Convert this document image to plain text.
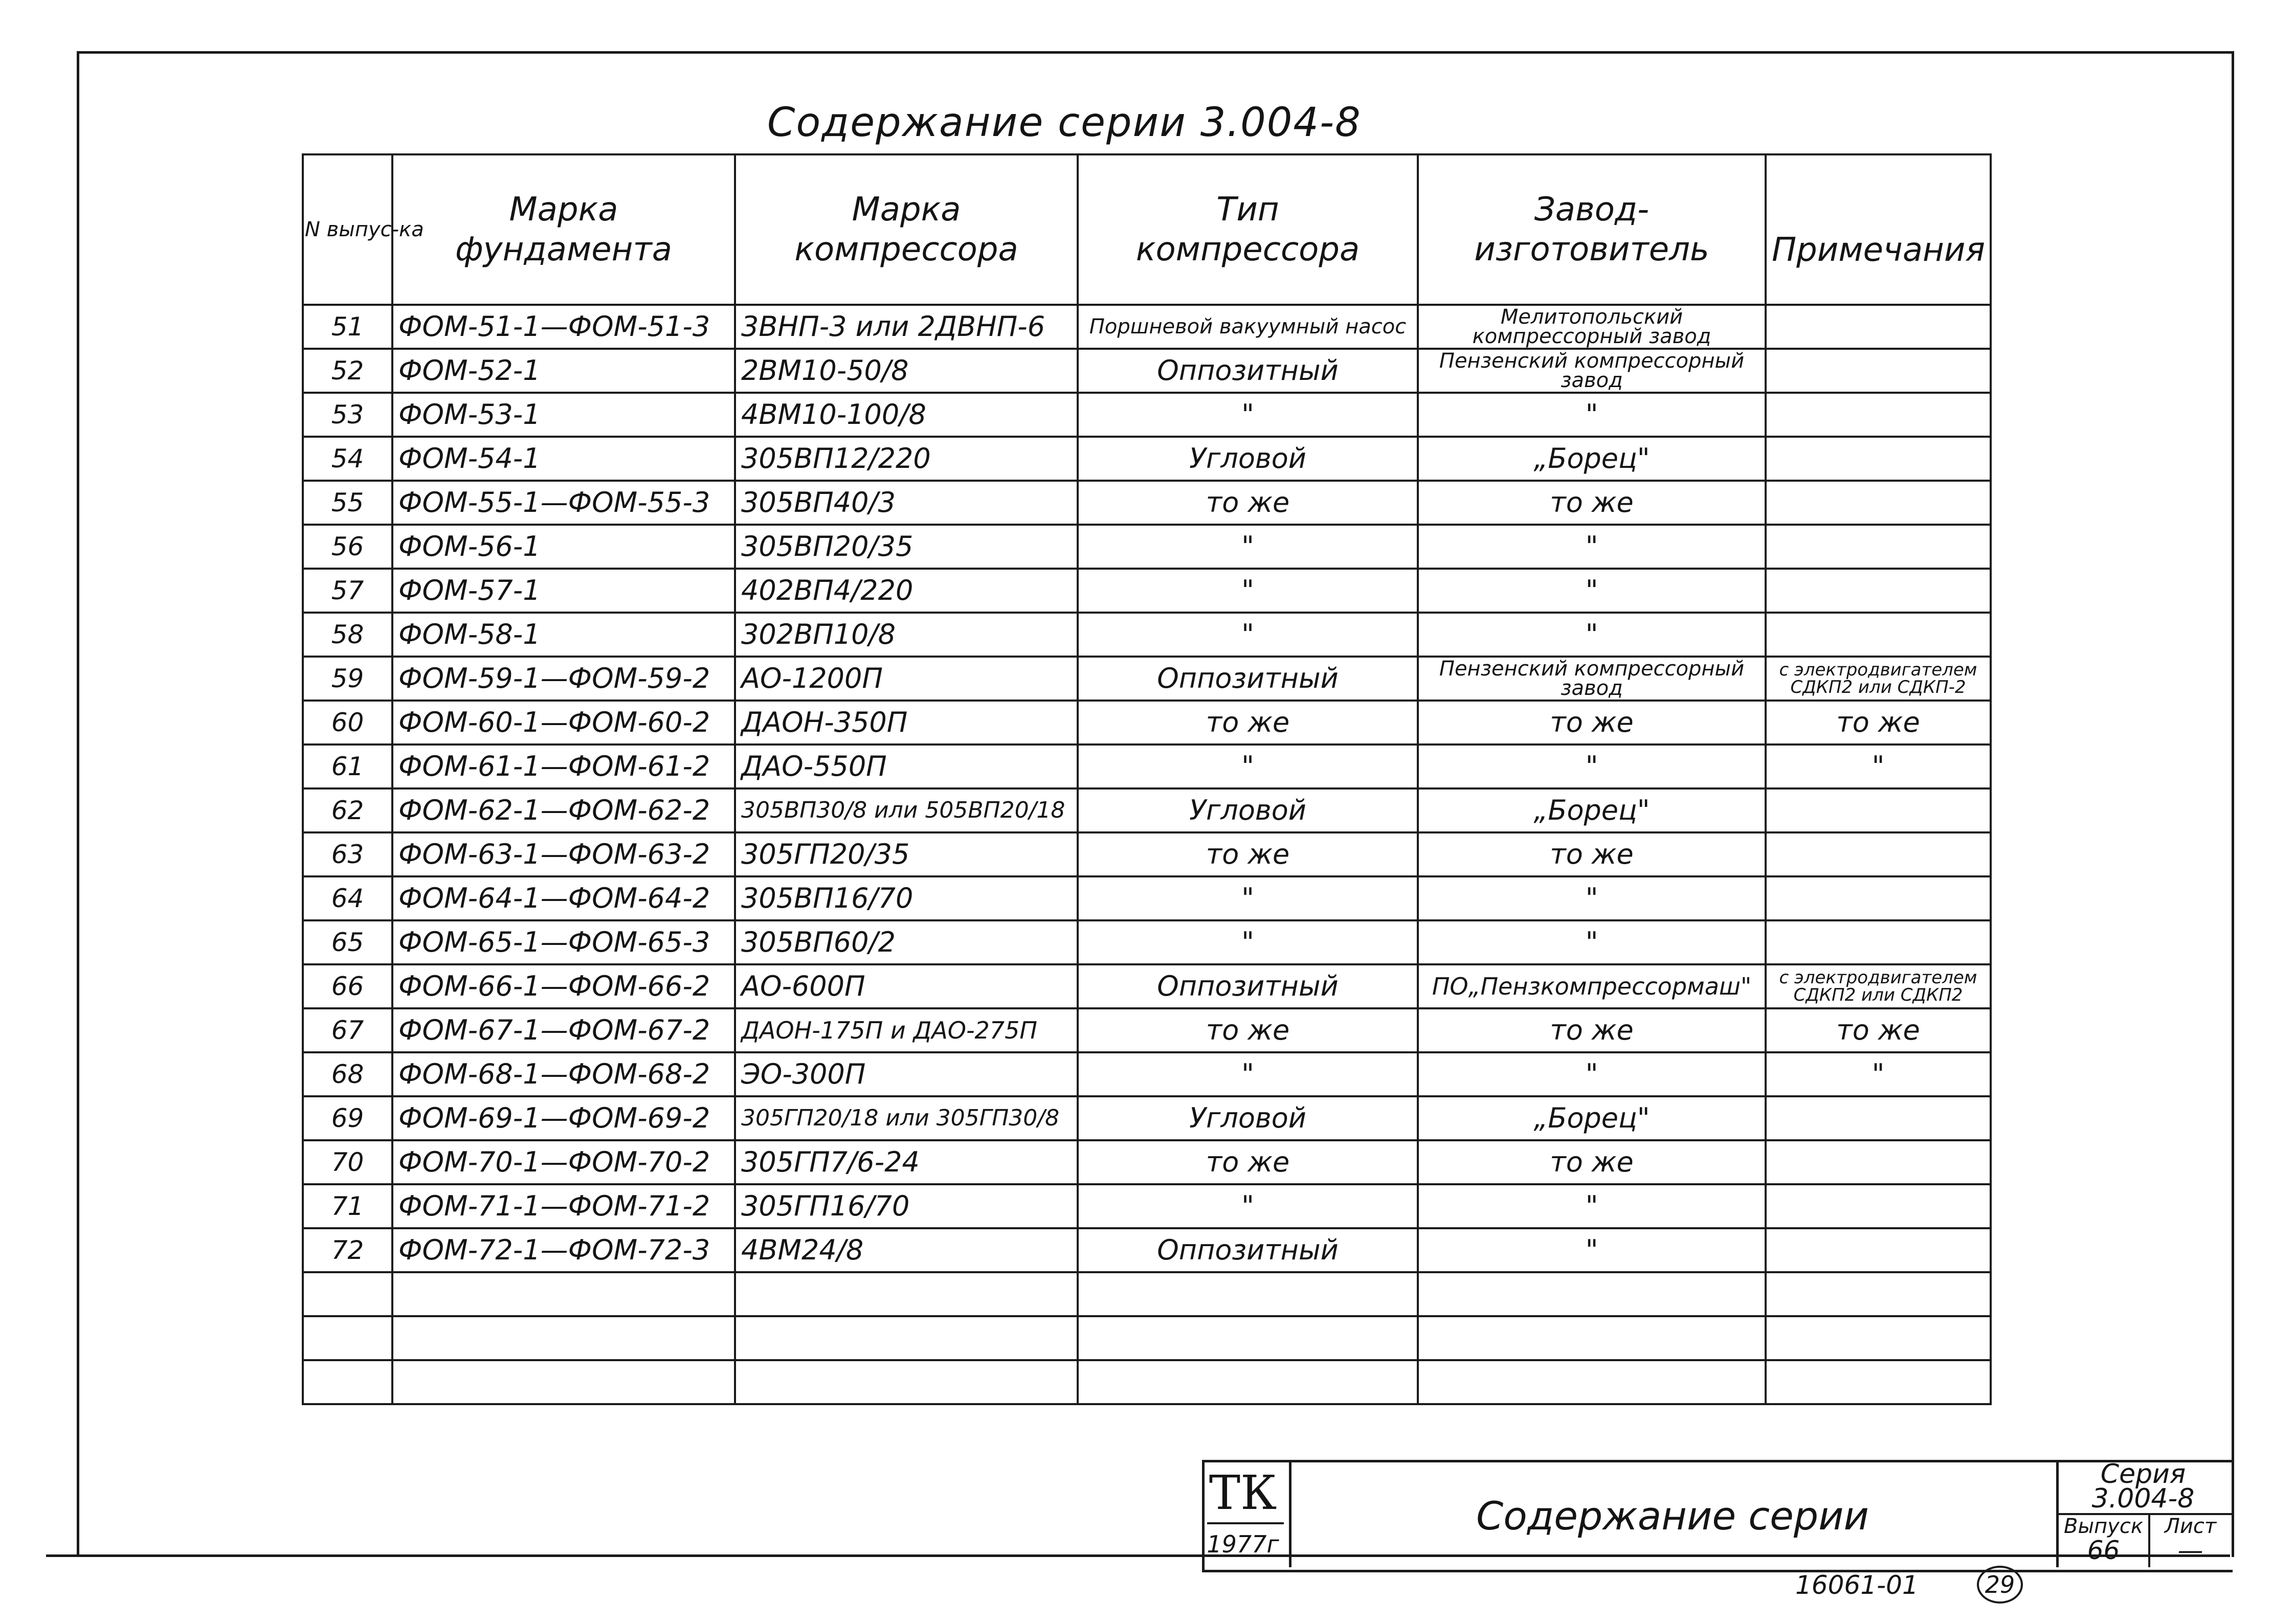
Содержание серии 3.004-8
N выпус-ка	Марка
фундамента	Марка
компрессора	Тип
компрессора	Завод-
изготовитель	Примечания
51	ФОМ-51-1—ФОМ-51-3	3ВНП-3 или 2ДВНП-6	Поршневой вакуумный насос	Мелитопольский компрессорный завод	
52	ФОМ-52-1	2ВМ10-50/8	Оппозитный	Пензенский компрессорный завод	
53	ФОМ-53-1	4ВМ10-100/8	"	"	
54	ФОМ-54-1	305ВП12/220	Угловой	„Борец"	
55	ФОМ-55-1—ФОМ-55-3	305ВП40/3	то же	то же	
56	ФОМ-56-1	305ВП20/35	"	"	
57	ФОМ-57-1	402ВП4/220	"	"	
58	ФОМ-58-1	302ВП10/8	"	"	
59	ФОМ-59-1—ФОМ-59-2	АО-1200П	Оппозитный	Пензенский компрессорный завод	с электродвигателем СДКП2 или СДКП-2
60	ФОМ-60-1—ФОМ-60-2	ДАОН-350П	то же	то же	то же
61	ФОМ-61-1—ФОМ-61-2	ДАО-550П	"	"	"
62	ФОМ-62-1—ФОМ-62-2	305ВП30/8 или 505ВП20/18	Угловой	„Борец"	
63	ФОМ-63-1—ФОМ-63-2	305ГП20/35	то же	то же	
64	ФОМ-64-1—ФОМ-64-2	305ВП16/70	"	"	
65	ФОМ-65-1—ФОМ-65-3	305ВП60/2	"	"	
66	ФОМ-66-1—ФОМ-66-2	АО-600П	Оппозитный	ПО„Пензкомпрессормаш"	с электродвигателем СДКП2 или СДКП2
67	ФОМ-67-1—ФОМ-67-2	ДАОН-175П и ДАО-275П	то же	то же	то же
68	ФОМ-68-1—ФОМ-68-2	ЭО-300П	"	"	"
69	ФОМ-69-1—ФОМ-69-2	305ГП20/18 или 305ГП30/8	Угловой	„Борец"	
70	ФОМ-70-1—ФОМ-70-2	305ГП7/6-24	то же	то же	
71	ФОМ-71-1—ФОМ-71-2	305ГП16/70	"	"	
72	ФОМ-72-1—ФОМ-72-3	4ВМ24/8	Оппозитный	"	

ТК
1977г
Содержание серии
Серия
3.004-8
Выпуск
66
Лист
—
16061-01	29
